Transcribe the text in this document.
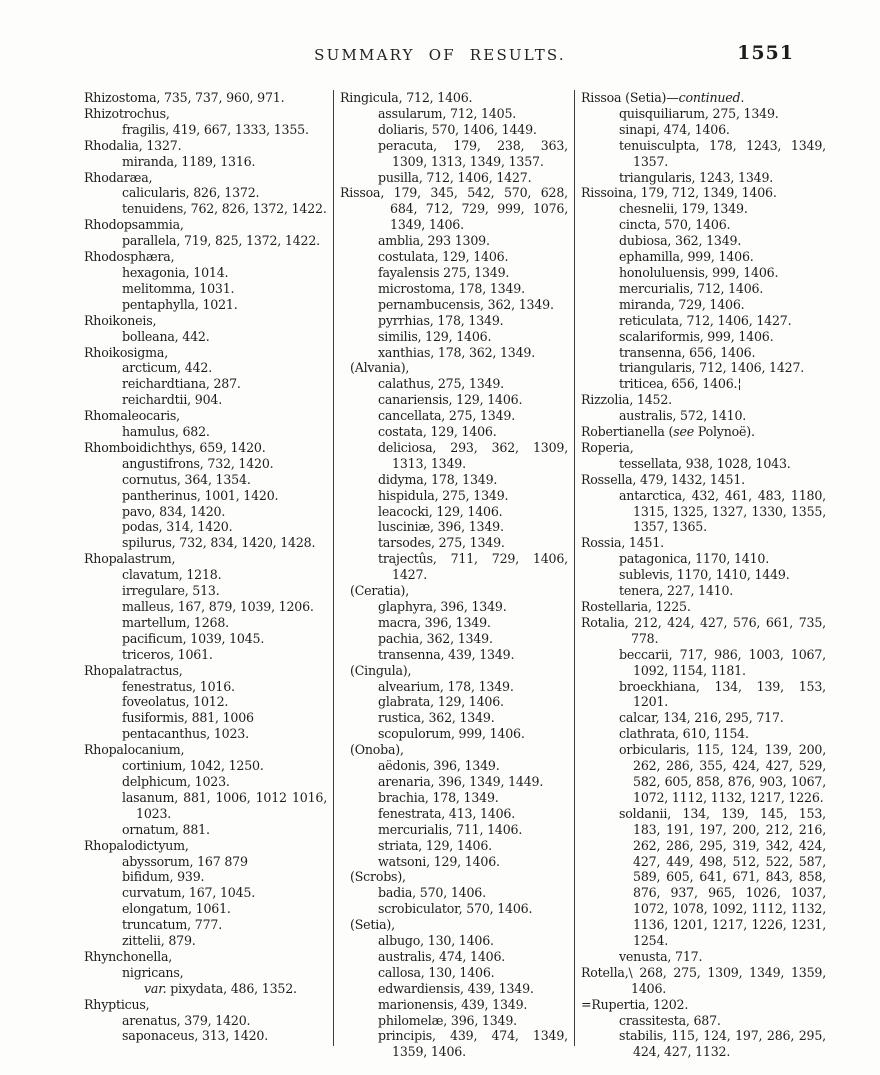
SUMMARY OF RESULTS.	1551
Rhizostoma, 735, 737, 960, 971.
Rhizotrochus,
fragilis, 419, 667, 1333, 1355.
Rhodalia, 1327.
miranda, 1189, 1316.
Rhodaræa,
calicularis, 826, 1372.
tenuidens, 762, 826, 1372, 1422.
Rhodopsammia,
parallela, 719, 825, 1372, 1422.
Rhodosphæra,
hexagonia, 1014.
melitomma, 1031.
pentaphylla, 1021.
Rhoikoneis,
bolleana, 442.
Rhoikosigma,
arcticum, 442.
reichardtiana, 287.
reichardtii, 904.
Rhomaleocaris,
hamulus, 682.
Rhomboidichthys, 659, 1420.
angustifrons, 732, 1420.
cornutus, 364, 1354.
pantherinus, 1001, 1420.
pavo, 834, 1420.
podas, 314, 1420.
spilurus, 732, 834, 1420, 1428.
Rhopalastrum,
clavatum, 1218.
irregulare, 513.
malleus, 167, 879, 1039, 1206.
martellum, 1268.
pacificum, 1039, 1045.
triceros, 1061.
Rhopalatractus,
fenestratus, 1016.
foveolatus, 1012.
fusiformis, 881, 1006
pentacanthus, 1023.
Rhopalocanium,
cortinium, 1042, 1250.
delphicum, 1023.
lasanum, 881, 1006, 1012 1016, 1023.
ornatum, 881.
Rhopalodictyum,
abyssorum, 167 879
bifidum, 939.
curvatum, 167, 1045.
elongatum, 1061.
truncatum, 777.
zittelii, 879.
Rhynchonella,
nigricans,
var. pixydata, 486, 1352.
Rhypticus,
arenatus, 379, 1420.
saponaceus, 313, 1420.
Ringicula, 712, 1406.
assularum, 712, 1405.
doliaris, 570, 1406, 1449.
peracuta, 179, 238, 363, 1309, 1313, 1349, 1357.
pusilla, 712, 1406, 1427.
Rissoa, 179, 345, 542, 570, 628, 684, 712, 729, 999, 1076, 1349, 1406.
amblia, 293 1309.
costulata, 129, 1406.
fayalensis 275, 1349.
microstoma, 178, 1349.
pernambucensis, 362, 1349.
pyrrhias, 178, 1349.
similis, 129, 1406.
xanthias, 178, 362, 1349.
(Alvania),
calathus, 275, 1349.
canariensis, 129, 1406.
cancellata, 275, 1349.
costata, 129, 1406.
deliciosa, 293, 362, 1309, 1313, 1349.
didyma, 178, 1349.
hispidula, 275, 1349.
leacocki, 129, 1406.
lusciniæ, 396, 1349.
tarsodes, 275, 1349.
trajectûs, 711, 729, 1406, 1427.
(Ceratia),
glaphyra, 396, 1349.
macra, 396, 1349.
pachia, 362, 1349.
transenna, 439, 1349.
(Cingula),
alvearium, 178, 1349.
glabrata, 129, 1406.
rustica, 362, 1349.
scopulorum, 999, 1406.
(Onoba),
aëdonis, 396, 1349.
arenaria, 396, 1349, 1449.
brachia, 178, 1349.
fenestrata, 413, 1406.
mercurialis, 711, 1406.
striata, 129, 1406.
watsoni, 129, 1406.
(Scrobs),
badia, 570, 1406.
scrobiculator, 570, 1406.
(Setia),
albugo, 130, 1406.
australis, 474, 1406.
callosa, 130, 1406.
edwardiensis, 439, 1349.
marionensis, 439, 1349.
philomelæ, 396, 1349.
principis, 439, 474, 1349, 1359, 1406.
Rissoa (Setia)—continued.
quisquiliarum, 275, 1349.
sinapi, 474, 1406.
tenuisculpta, 178, 1243, 1349, 1357.
triangularis, 1243, 1349.
Rissoina, 179, 712, 1349, 1406.
chesnelii, 179, 1349.
cincta, 570, 1406.
dubiosa, 362, 1349.
ephamilla, 999, 1406.
honoluluensis, 999, 1406.
mercurialis, 712, 1406.
miranda, 729, 1406.
reticulata, 712, 1406, 1427.
scalariformis, 999, 1406.
transenna, 656, 1406.
triangularis, 712, 1406, 1427.
triticea, 656, 1406.¦
Rizzolia, 1452.
australis, 572, 1410.
Robertianella (see Polynoë).
Roperia,
tessellata, 938, 1028, 1043.
Rossella, 479, 1432, 1451.
antarctica, 432, 461, 483, 1180, 1315, 1325, 1327, 1330, 1355, 1357, 1365.
Rossia, 1451.
patagonica, 1170, 1410.
sublevis, 1170, 1410, 1449.
tenera, 227, 1410.
Rostellaria, 1225.
Rotalia, 212, 424, 427, 576, 661, 735, 778.
beccarii, 717, 986, 1003, 1067, 1092, 1154, 1181.
broeckhiana, 134, 139, 153, 1201.
calcar, 134, 216, 295, 717.
clathrata, 610, 1154.
orbicularis, 115, 124, 139, 200, 262, 286, 355, 424, 427, 529, 582, 605, 858, 876, 903, 1067, 1072, 1112, 1132, 1217, 1226.
soldanii, 134, 139, 145, 153, 183, 191, 197, 200, 212, 216, 262, 286, 295, 319, 342, 424, 427, 449, 498, 512, 522, 587, 589, 605, 641, 671, 843, 858, 876, 937, 965, 1026, 1037, 1072, 1078, 1092, 1112, 1132, 1136, 1201, 1217, 1226, 1231, 1254.
venusta, 717.
Rotella,\ 268, 275, 1309, 1349, 1359, 1406.
=Rupertia, 1202.
crassitesta, 687.
stabilis, 115, 124, 197, 286, 295, 424, 427, 1132.
